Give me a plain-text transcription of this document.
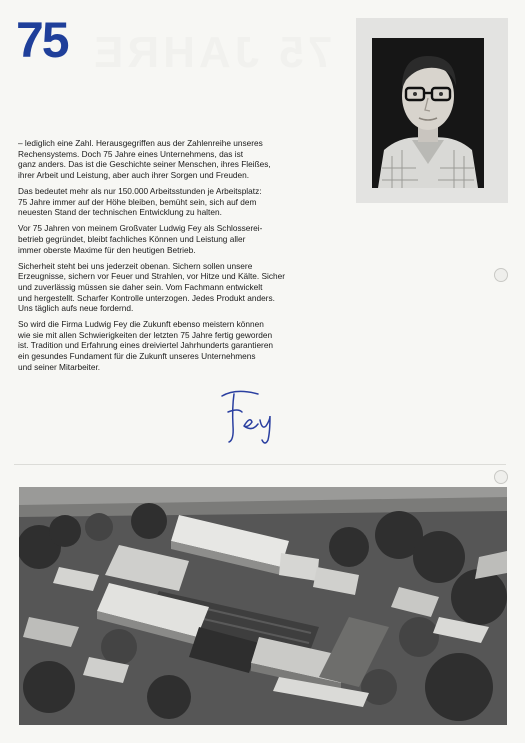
75 JAHRE
75

– lediglich eine Zahl. Herausgegriffen aus der Zahlenreihe unseres
Rechensystems. Doch 75 Jahre eines Unternehmens, das ist
ganz anders. Das ist die Geschichte seiner Menschen, ihres Fleißes,
ihrer Arbeit und Leistung, aber auch ihrer Sorgen und Freuden.

Das bedeutet mehr als nur 150.000 Arbeitsstunden je Arbeitsplatz:
75 Jahre immer auf der Höhe bleiben, bemüht sein, sich auf dem
neuesten Stand der technischen Entwicklung zu halten.

Vor 75 Jahren von meinem Großvater Ludwig Fey als Schlosserei-
betrieb gegründet, bleibt fachliches Können und Leistung aller
immer oberste Maxime für den heutigen Betrieb.

Sicherheit steht bei uns jederzeit obenan. Sichern sollen unsere
Erzeugnisse, sichern vor Feuer und Strahlen, vor Hitze und Kälte. Sicher
und zuverlässig müssen sie daher sein. Vom Fachmann entwickelt
und hergestellt. Scharfer Kontrolle unterzogen. Jedes Produkt anders.
Uns täglich aufs neue fordernd.

So wird die Firma Ludwig Fey die Zukunft ebenso meistern können
wie sie mit allen Schwierigkeiten der letzten 75 Jahre fertig geworden
ist. Tradition und Erfahrung eines dreiviertel Jahrhunderts garantieren
ein gesundes Fundament für die Zukunft unseres Unternehmens
und seiner Mitarbeiter.
